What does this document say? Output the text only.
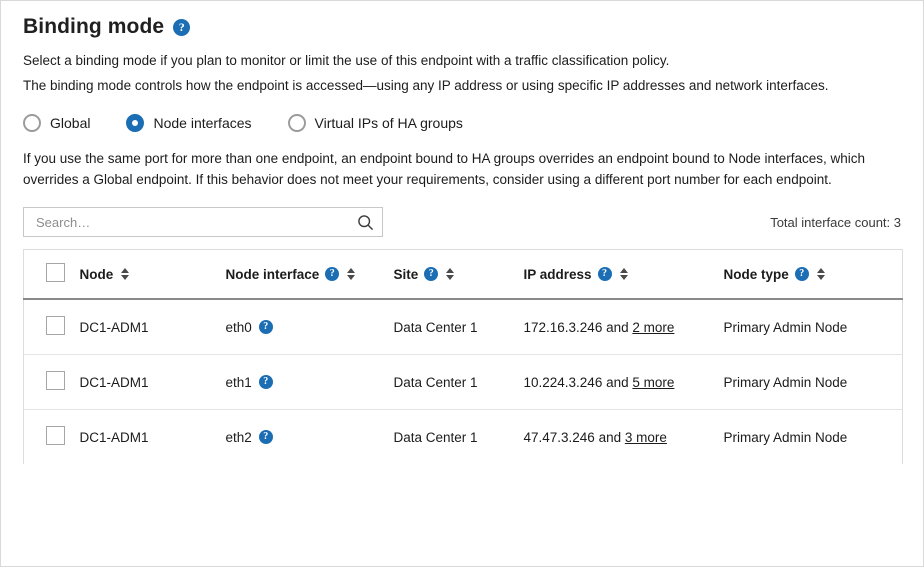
Binding mode	?

Select a binding mode if you plan to monitor or limit the use of this endpoint with a traffic classification policy.

The binding mode controls how the endpoint is accessed—using any IP address or using specific IP addresses and network interfaces.

Global	Node interfaces	Virtual IPs of HA groups

If you use the same port for more than one endpoint, an endpoint bound to HA groups overrides an endpoint bound to Node interfaces, which overrides a Global endpoint. If this behavior does not meet your requirements, consider using a different port number for each endpoint.

Search…
Total interface count: 3

	Node	Node interface ?	Site ?	IP address ?	Node type ?

	DC1-ADM1	eth0 ?	Data Center 1	172.16.3.246 and 2 more	Primary Admin Node
	DC1-ADM1	eth1 ?	Data Center 1	10.224.3.246 and 5 more	Primary Admin Node
	DC1-ADM1	eth2 ?	Data Center 1	47.47.3.246 and 3 more	Primary Admin Node
